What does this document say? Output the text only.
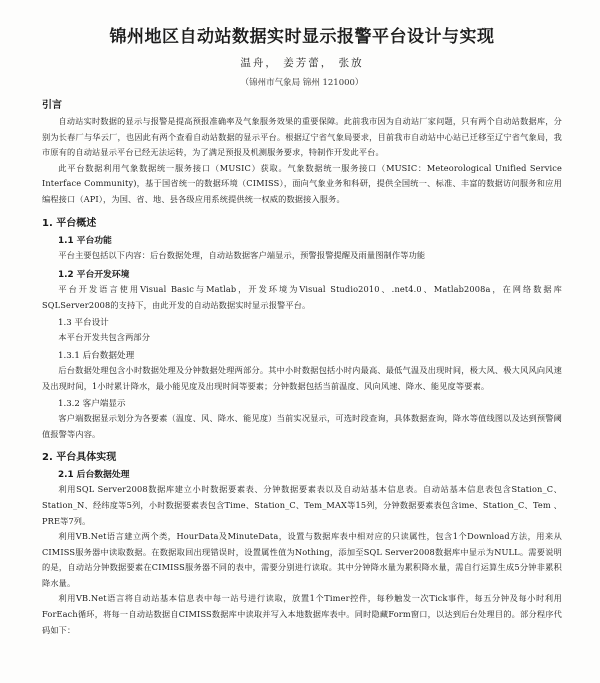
锦州地区自动站数据实时显示报警平台设计与实现
温舟， 姜芳蕾， 张放
（锦州市气象局 锦州 121000）
引言
自动站实时数据的显示与报警是提高预报准确率及气象服务效果的重要保障。此前我市因为自动站厂家问题，只有两个自动站数据库，分别为长春厂与华云厂，也因此有两个查看自动站数据的显示平台。根据辽宁省气象局要求，目前我市自动站中心站已迁移至辽宁省气象局，我市原有的自动站显示平台已经无法运转，为了满足预报及机测服务要求，特制作开发此平台。
此平台数据利用气象数据统一服务接口（MUSIC）获取。气象数据统一服务接口（MUSIC：Meteorological Unified Service Interface Community)，基于国省统一的数据环境（CIMISS），面向气象业务和科研，提供全国统一、标准、丰富的数据访问服务和应用编程接口（API），为国、省、地、县各级应用系统提供统一权威的数据接入服务。
1. 平台概述
1.1 平台功能
平台主要包括以下内容：后台数据处理，自动站数据客户端显示，预警报警提醒及雨量图制作等功能
1.2 平台开发环境
平台开发语言使用Visual Basic与Matlab，开发环境为Visual Studio2010、.net4.0、Matlab2008a，在网络数据库SQLServer2008的支持下，由此开发的自动站数据实时显示报警平台。
1.3 平台设计
本平台开发共包含两部分
1.3.1 后台数据处理
后台数据处理包含小时数据处理及分钟数据处理两部分。其中小时数据包括小时内最高、最低气温及出现时间，极大风、极大风风向风速及出现时间，1小时累计降水，最小能见度及出现时间等要素；分钟数据包括当前温度、风向风速、降水、能见度等要素。
1.3.2 客户端显示
客户端数据显示划分为各要素（温度、风、降水、能见度）当前实况显示，可选时段查询，具体数据查询，降水等值线图以及达到预警阈值报警等内容。
2. 平台具体实现
2.1 后台数据处理
利用SQL Server2008数据库建立小时数据要素表、分钟数据要素表以及自动站基本信息表。自动站基本信息表包含Station_C、Station_N、经纬度等5列，小时数据要素表包含Time、Station_C、Tem_MAX等15列，分钟数据要素表包含ime、Station_C、Tem 、PRE等7列。
利用VB.Net语言建立两个类，HourData及MinuteData，设置与数据库表中相对应的只读属性，包含1个Download方法，用来从CIMISS服务器中读取数据。在数据取回出现错误时，设置属性值为Nothing，添加至SQL Server2008数据库中显示为NULL。需要说明的是，自动站分钟数据要素在CIMISS服务器不同的表中，需要分别进行读取。其中分钟降水量为累积降水量，需自行运算生成5分钟非累积降水量。
利用VB.Net语言将自动站基本信息表中每一站号进行读取，放置1个Timer控件，每秒触发一次Tick事件，每五分钟及每小时利用ForEach循环，将每一自动站数据自CIMISS数据库中读取并写入本地数据库表中。同时隐藏Form窗口，以达到后台处理目的。部分程序代码如下：
